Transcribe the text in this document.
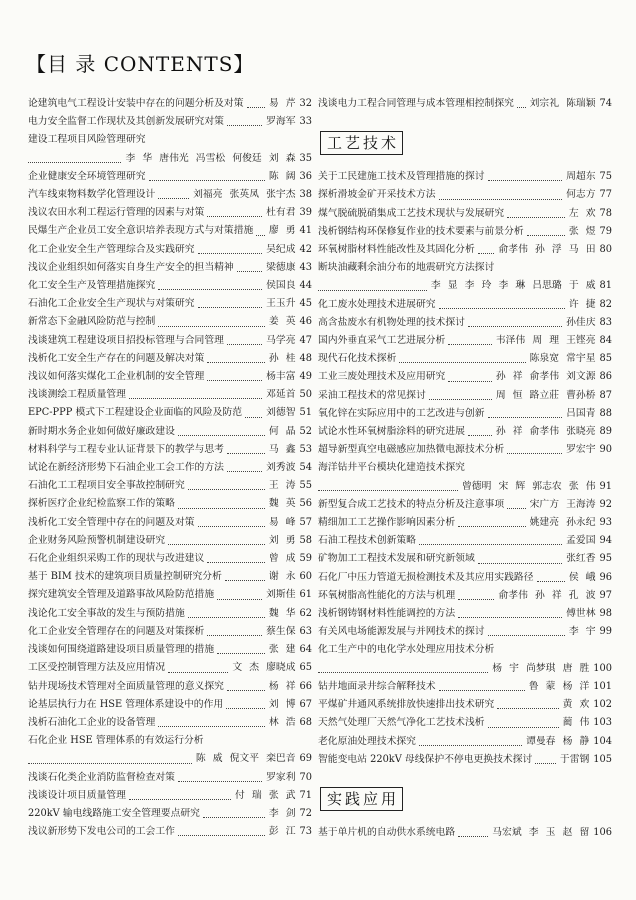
【目 录 CONTENTS】
论建筑电气工程设计安装中存在的问题分析及对策	易 芹 32
电力安全监督工作现状及其创新发展研究对策	罗海军 33
建设工程项目风险管理研究
李 华 唐伟光 冯雪松 何俊廷 刘 森 35
企业健康安全环境管理研究	陈 阔 36
汽车线束物料数学化管理设计	刘福亮 张英凤 张宇杰 38
浅议农田水利工程运行管理的因素与对策	杜有君 39
民爆生产企业员工安全意识培养表现方式与对策措施 廖 勇 41
化工企业安全生产管理综合及实践研究	吴纪成 42
浅议企业组织如何落实自身生产安全的担当精神	梁德康 43
化工安全生产及管理措施探究	侯国良 44
石油化工企业安全生产现状与对策研究	王玉升 45
新常态下金融风险防范与控制	姜 英 46
浅谈建筑工程建设项目招投标管理与合同管理	马学亮 47
浅析化工安全生产存在的问题及解决对策	孙 桂 48
浅议如何落实煤化工企业机制的安全管理	杨丰富 49
浅谈测绘工程质量管理	邓延首 50
EPC-PPP 模式下工程建设企业面临的风险及防范 刘德智 51
新时期水务企业如何做好廉政建设	何 晶 52
材料科学与工程专业认证背景下的教学与思考	马 鑫 53
试论在新经济形势下石油企业工会工作的方法	刘秀波 54
石油化工工程项目安全事故控制研究	王 涛 55
探析医疗企业纪检监察工作的策略	魏 英 56
浅析化工安全管理中存在的问题及对策	易 峰 57
企业财务风险预警机制建设研究	刘 勇 58
石化企业组织采购工作的现状与改进建议	曾 成 59
基于 BIM 技术的建筑项目质量控制研究分析	谢 永 60
探究建筑安全管理及道路事故风险防范措施	刘斯佳 61
浅论化工安全事故的发生与预防措施	魏 华 62
化工企业安全管理存在的问题及对策探析	蔡生保 63
浅谈如何围绕道路建设项目质量管理的措施	张 建 64
工区受控制管理方法及应用情况	文 杰 廖晓成 65
钻井现场技术管理对全面质量管理的意义探究	杨 祥 66
论基层执行力在 HSE 管理体系建设中的作用	刘 博 67
浅析石油化工企业的设备管理	林 浩 68
石化企业 HSE 管理体系的有效运行分析
陈 威 倪文平 栾巴音 69
浅谈石化类企业消防监督检查对策	罗家利 70
浅谈设计项目质量管理	付 瑞 张 武 71
220kV 输电线路施工安全管理要点研究	李 剑 72
浅议新形势下发电公司的工会工作	彭 江 73
浅谈电力工程合同管理与成本管理相控制探究 刘宗礼 陈瑞颖 74
工艺技术
关于工民建施工技术及管理措施的探讨	周超东 75
探析滑坡金矿开采技术方法	何志方 77
煤气脱硫脱硝集成工艺技术现状与发展研究	左 欢 78
浅析钢结构环保修复作业的技术要素与前景分析	张 煜 79
环氧树脂材料性能改性及其固化分析 俞孝伟 孙 浮 马 田 80
断块油藏剩余油分布的地震研究方法探讨
李 显 李 玲 李 琳 吕思璐 于 威 81
化工废水处理技术进展研究	许 捷 82
高含盐废水有机物处理的技术探讨	孙佳庆 83
国内外垂直采气工艺进展分析	韦泽伟 周 理 王铿亮 84
现代石化技术探析	陈泉宽 常宇星 85
工业三废处理技术及应用研究	孙 祥 俞孝伟 刘文源 86
采油工程技术的常见探讨	周 恒 路立莊 曹孙桥 87
氧化锌在实际应用中的工艺改进与创新	吕国青 88
试论水性环氧树脂涂料的研究进展	孙 祥 俞孝伟 张晓亮 89
超导新型真空电磁感应加热微电源技术分析	罗宏宇 90
海洋钻井平台模块化建造技术探究
曾德明 宋 辉 郭志农 张 伟 91
新型复合成工艺技术的特点分析及注意事项	宋广方 王海涛 92
精细加工工艺操作影响因素分析	姚建亮 孙永纪 93
石油工程技术创新策略	孟爱国 94
矿物加工工程技术发展和研究新领域	张红香 95
石化厂中压力管道无损检测技术及其应用实践路径	侯 峨 96
环氧树脂高性能化的方法与机理	俞孝伟 孙 祥 孔 波 97
浅析钢铸钢材料性能调控的方法	傅世林 98
有关风电场能源发展与并网技术的探讨	李 宇 99
化工生产中的电化学水处理应用技术分析
杨 宇 尚梦琪 唐 胜 100
钻井地面录井综合解释技术	鲁 蒙 杨 洋 101
平煤矿井通风系统排放快速排出技术研究	黄 欢 102
天然气处理厂天然气净化工艺技术浅析	蔺 伟 103
老化原油处理技术探究	谭曼春 杨 静 104
智能变电站 220kV 母线保护不停电更换技术探讨	于雷钢 105
实践应用
基于单片机的自动供水系统电路	马宏斌 李 玉 赵 留 106
